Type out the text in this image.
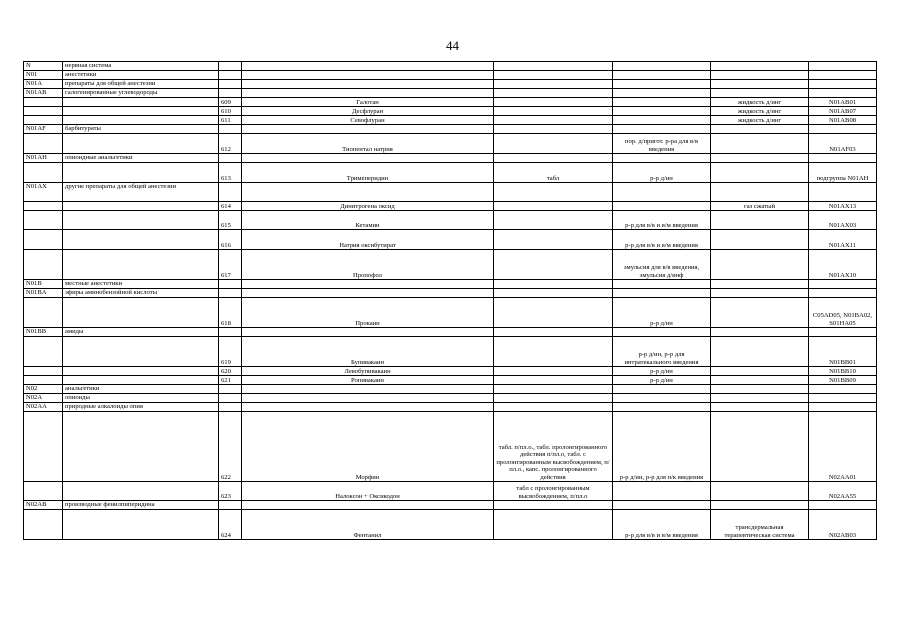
44
N	нервная система						
N01	анестетики						
N01A	препараты для общей анестезии						
N01AB	галогенированные углеводороды						
		609	Галотан			жидкость д/инг	N01AB01
		610	Десфлуран			жидкость д/инг	N01AB07
		611	Севофлуран			жидкость д/инг	N01AB08
N01AF	барбитураты						
		612	Тиопентал натрия		пор. д/пригот. р-ра для в/в введения		N01AF03
N01AH	опиоидные анальгетики						
		613	Тримеперидин	табл	р-р д/ин		подгруппа N01AH
N01AX	другие препараты для общей анестезии						
		614	Динитрогена оксид			газ сжатый	N01AX13
		615	Кетамин		р-р для в/в и в/м введения		N01AX03
		616	Натрия оксибутират		р-р для в/в и в/м введения		N01AX11
		617	Пропофол		эмульсия для в/в введения, эмульсия д/инф		N01AX10
N01B	местные анестетики						
N01BA	эфиры аминобензойной кислоты						
		618	Прокаин		р-р д/ин		C05AD05, N01BA02, S01HA05
N01BB	амиды						
		619	Бупивакаин		р-р д/ин, р-р для интратекального введения		N01BB01
		620	Левобупивакаин		р-р д/ин		N01BB10
		621	Ропивакаин		р-р д/ин		N01BB09
N02	анальгетики						
N02A	опиоиды						
N02AA	природные алкалоиды опия						
		622	Морфин	табл. п/пл.о., табл. пролонгированного действия п/пл.о, табл. с пролонгированным высвобождением, п/пл.о., капс. пролонгированного действия	р-р д/ин, р-р для п/к введения		N02AA01
		623	Налоксон + Оксикодон	табл с пролонгированным высвобождением, п/пл.о			N02AA55
N02AB	производные фенилпиперидина						
		624	Фентанил		р-р для в/в и в/м введения	трансдермальная терапевтическая система	N02AB03
